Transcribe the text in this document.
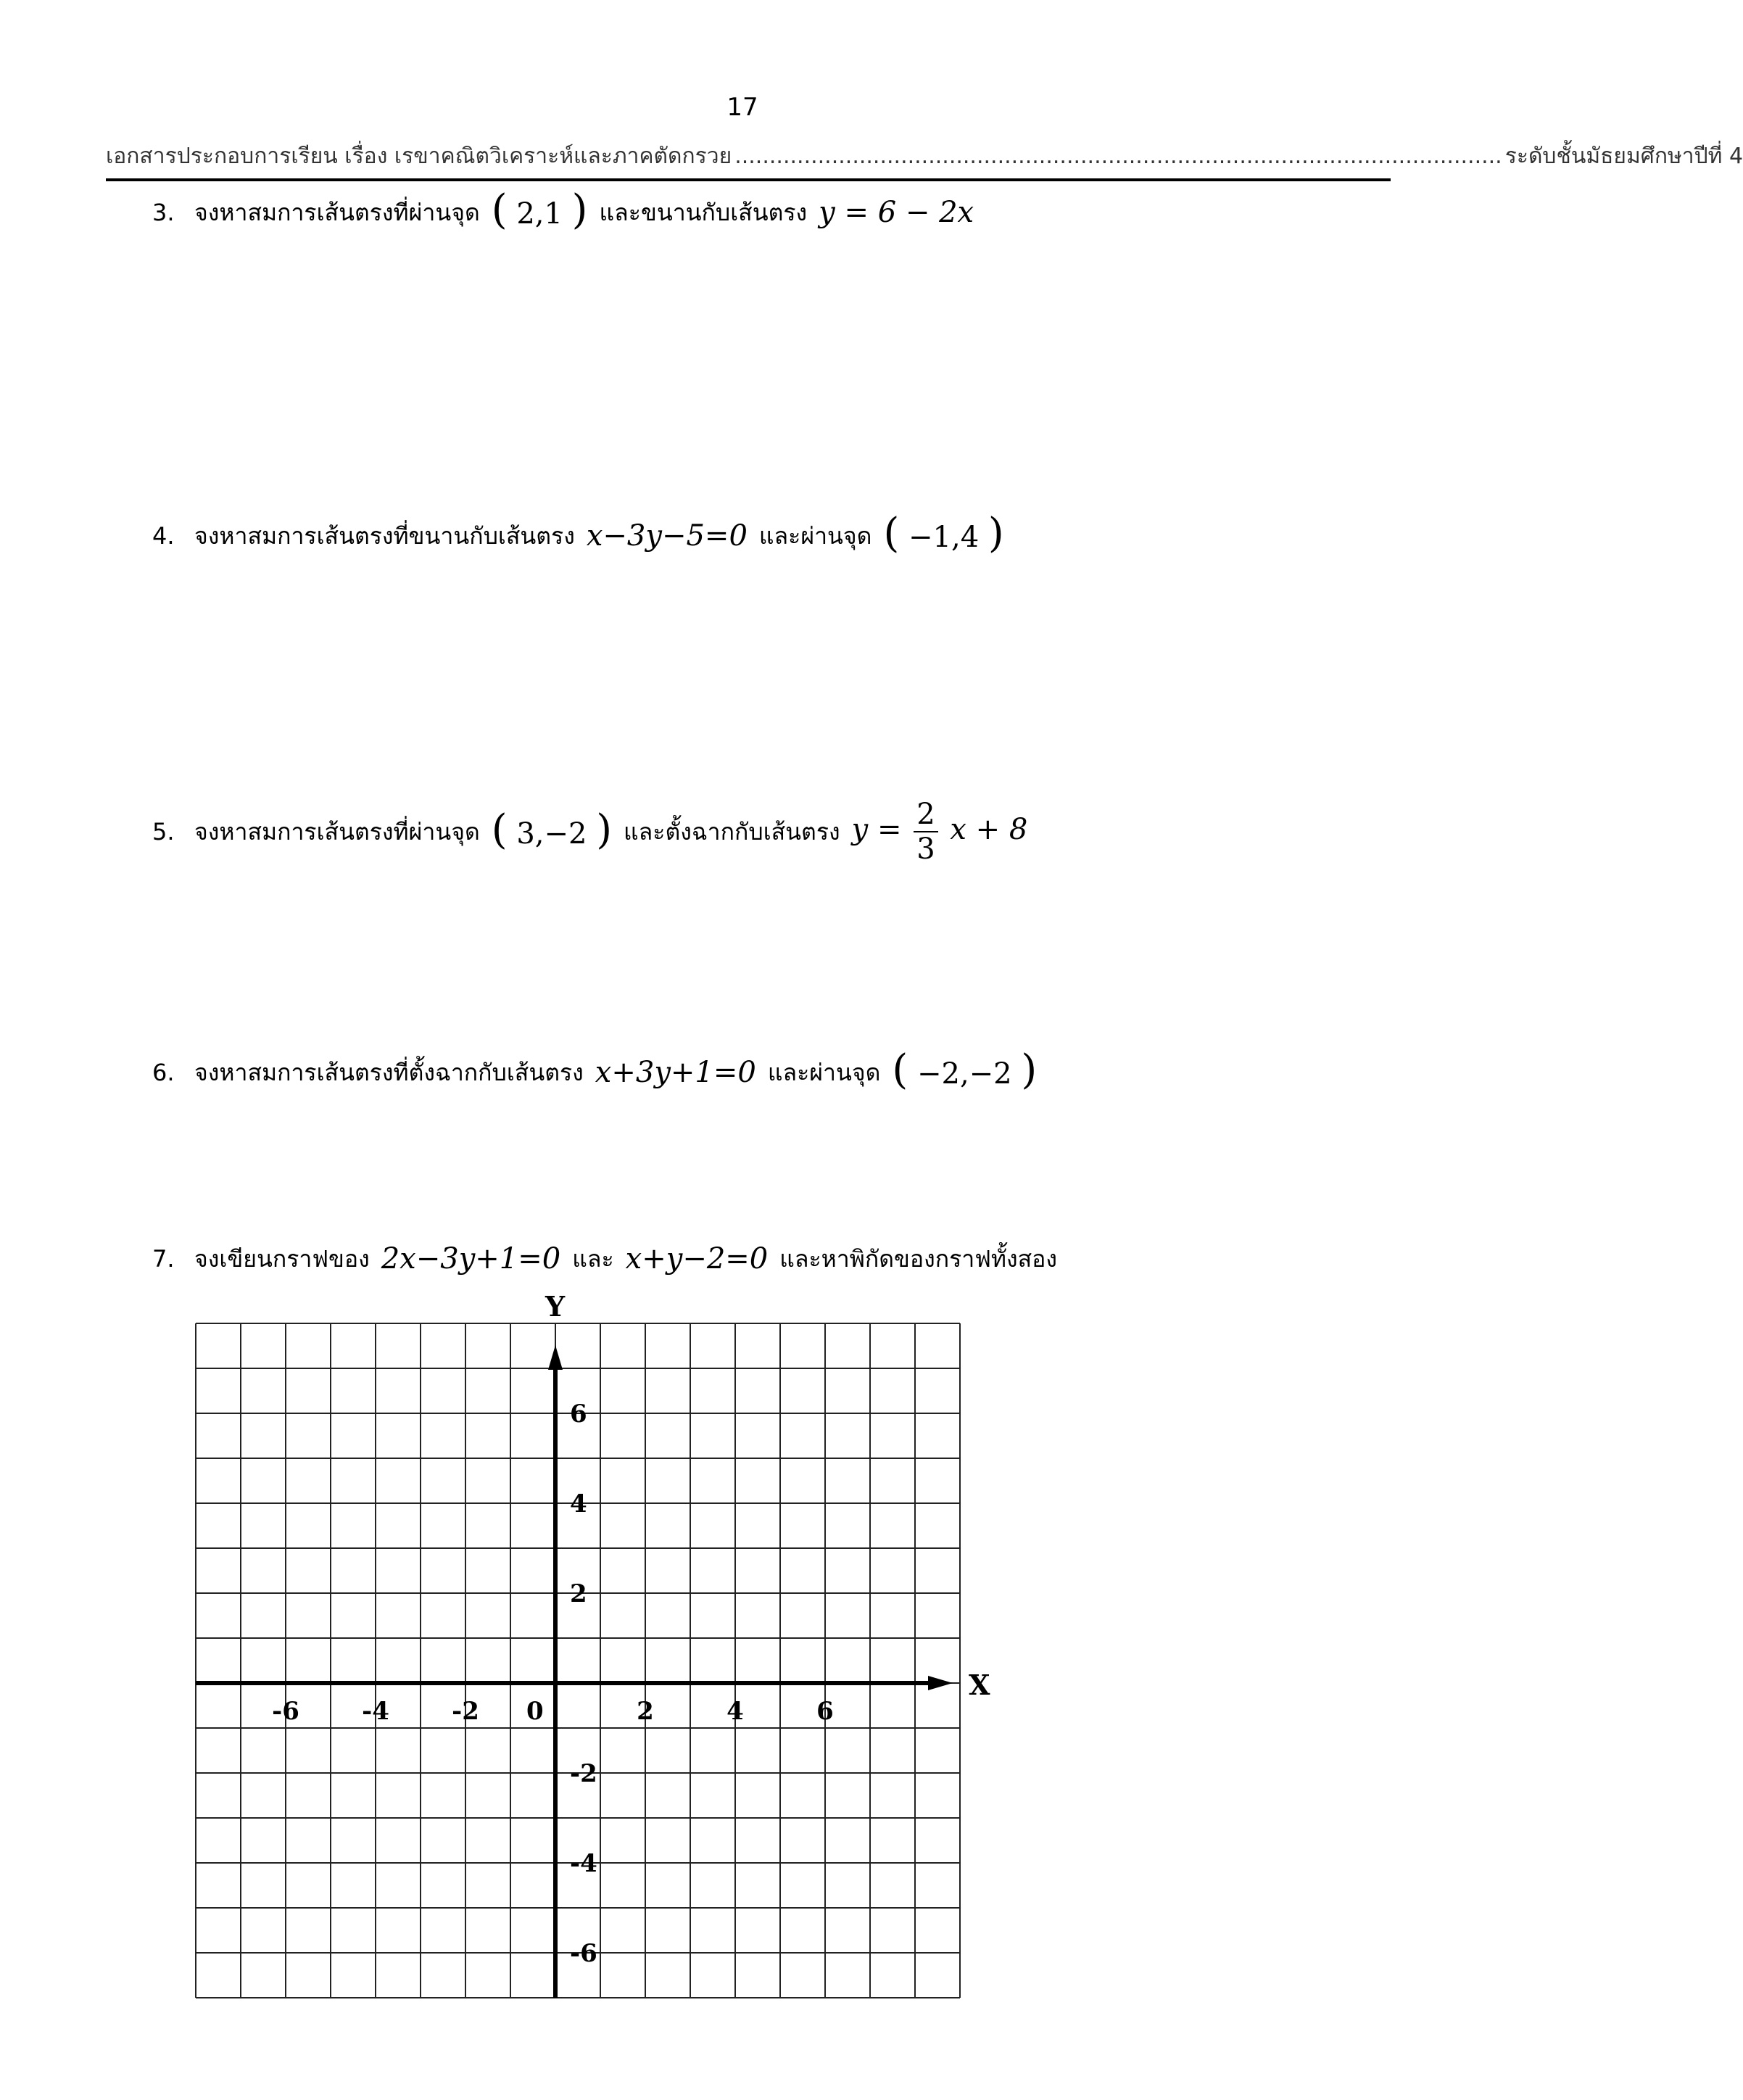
17
เอกสารประกอบการเรียน เรื่อง เรขาคณิตวิเคราะห์และภาคตัดกรวย ............................................................................................................... ระดับชั้นมัธยมศึกษาปีที่ 4
3. จงหาสมการเส้นตรงที่ผ่านจุด ( 2,1 ) และขนานกับเส้นตรง y = 6 − 2x
4. จงหาสมการเส้นตรงที่ขนานกับเส้นตรง x−3y−5=0 และผ่านจุด ( −1,4 )
5. จงหาสมการเส้นตรงที่ผ่านจุด ( 3,−2 ) และตั้งฉากกับเส้นตรง $y = \frac{2}{3}$ x + 8
6. จงหาสมการเส้นตรงที่ตั้งฉากกับเส้นตรง x+3y+1=0 และผ่านจุด ( −2,−2 )
7. จงเขียนกราฟของ 2x−3y+1=0 และ x+y−2=0 และหาพิกัดของกราฟทั้งสอง
X
Y
0
-6	-4	-2	2	4	6
6
4
2
-2
-4
-6
